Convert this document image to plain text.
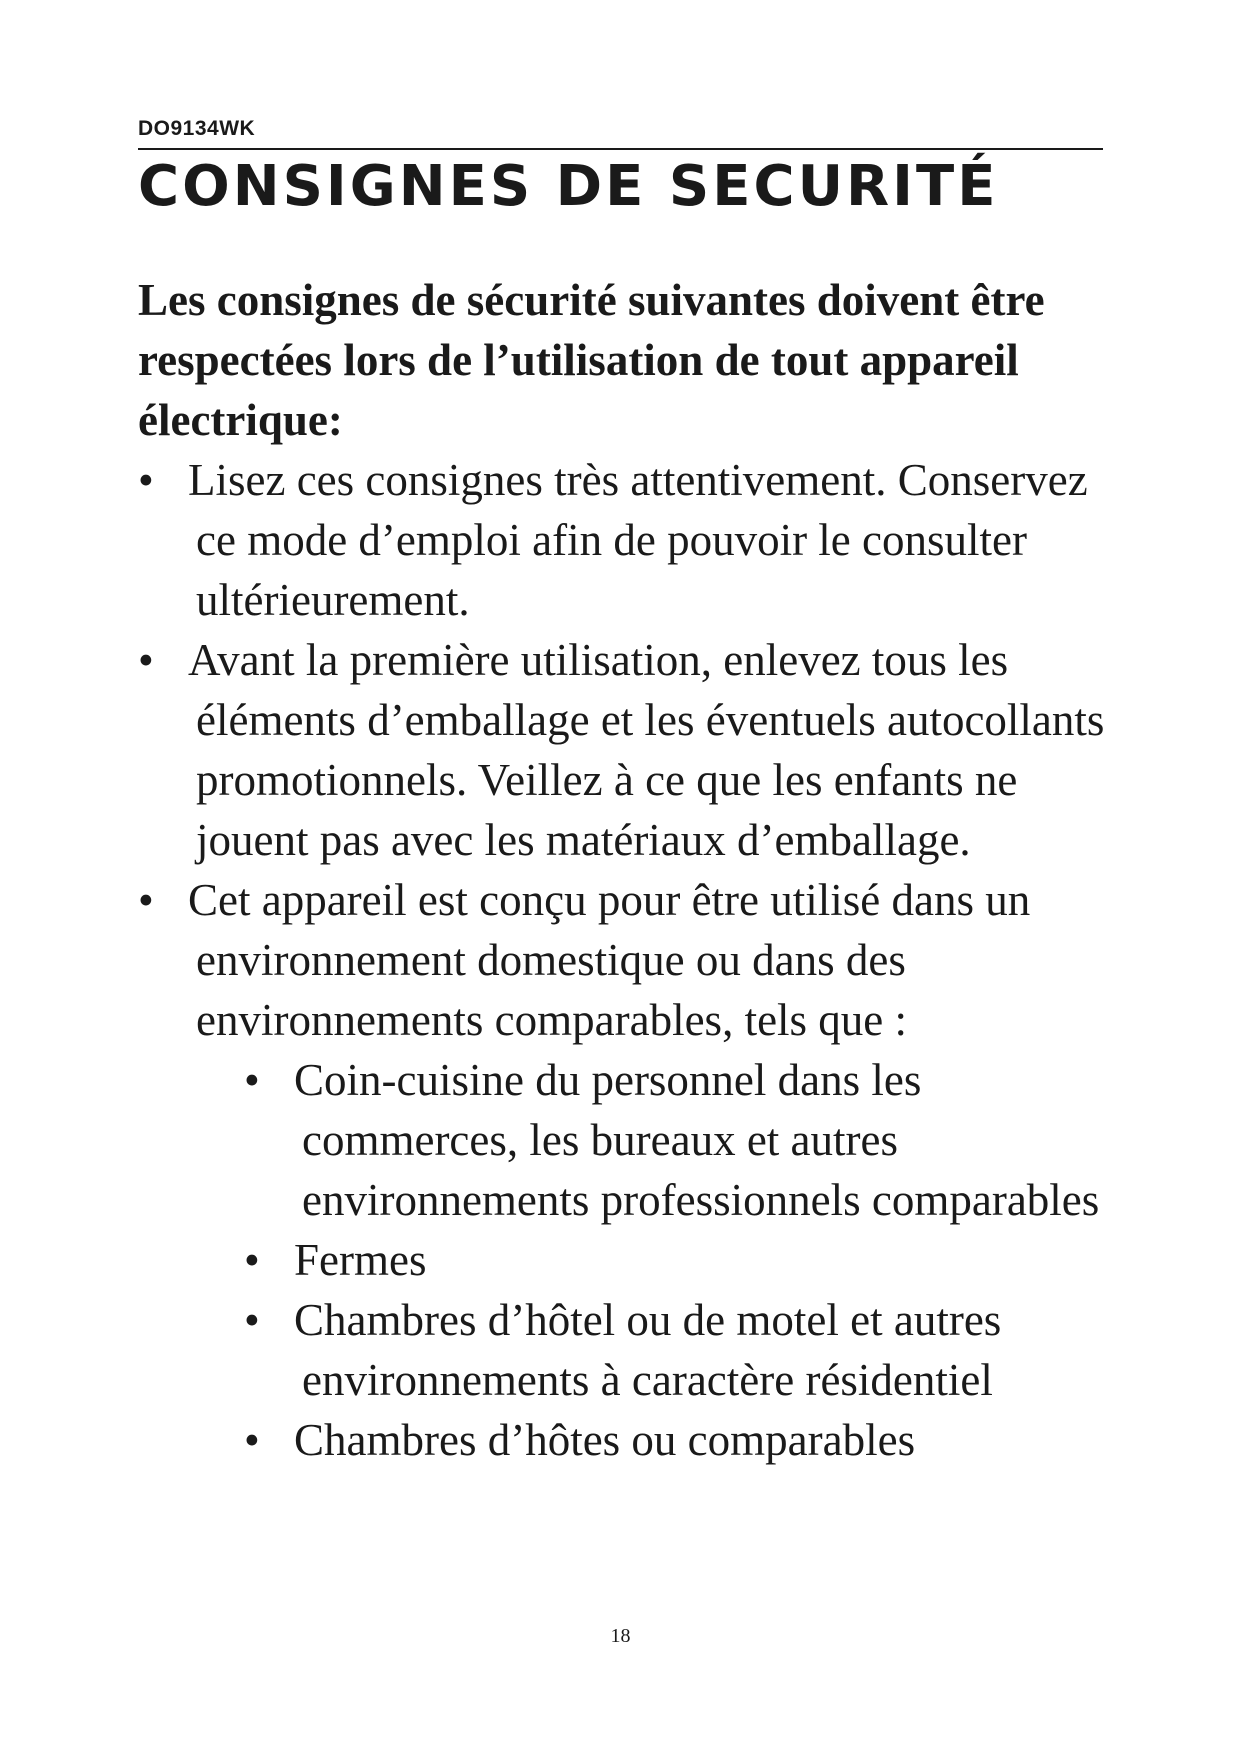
DO9134WK
CONSIGNES DE SECURITÉ

Les consignes de sécurité suivantes doivent être respectées lors de l’utilisation de tout appareil électrique:

• Lisez ces consignes très attentivement. Conservez ce mode d’emploi afin de pouvoir le consulter ultérieurement.
• Avant la première utilisation, enlevez tous les éléments d’emballage et les éventuels autocollants promotionnels. Veillez à ce que les enfants ne jouent pas avec les matériaux d’emballage.
• Cet appareil est conçu pour être utilisé dans un environnement domestique ou dans des environnements comparables, tels que :
• Coin-cuisine du personnel dans les commerces, les bureaux et autres environnements professionnels comparables
• Fermes
• Chambres d’hôtel ou de motel et autres environnements à caractère résidentiel
• Chambres d’hôtes ou comparables
18
